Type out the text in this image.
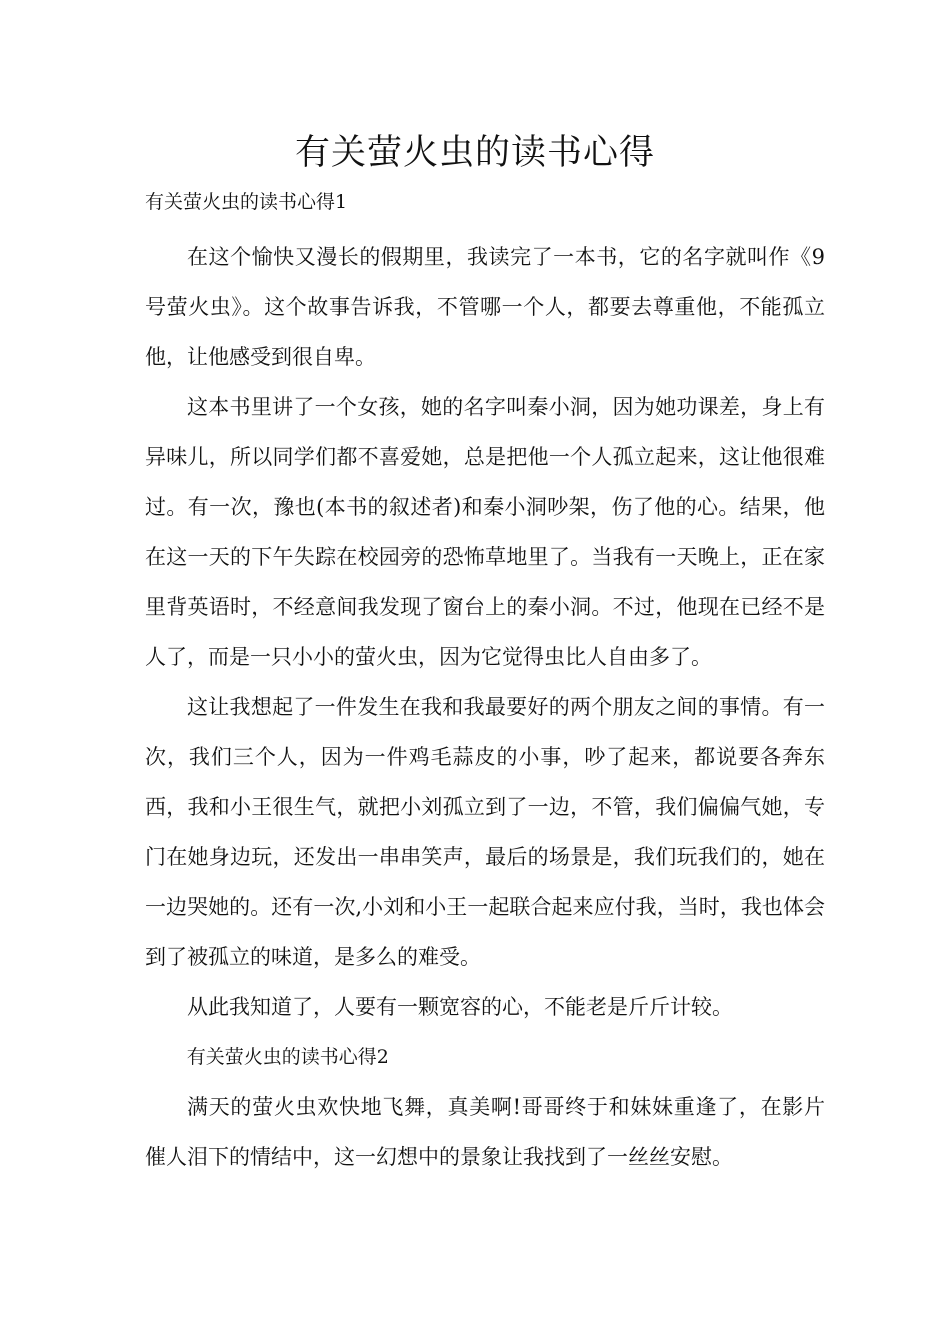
有关萤火虫的读书心得

有关萤火虫的读书心得1

在这个愉快又漫长的假期里，我读完了一本书，它的名字就叫作《9号萤火虫》。这个故事告诉我，不管哪一个人，都要去尊重他，不能孤立他，让他感受到很自卑。

这本书里讲了一个女孩，她的名字叫秦小洞，因为她功课差，身上有异味儿，所以同学们都不喜爱她，总是把他一个人孤立起来，这让他很难过。有一次，豫也(本书的叙述者)和秦小洞吵架，伤了他的心。结果，他在这一天的下午失踪在校园旁的恐怖草地里了。当我有一天晚上，正在家里背英语时，不经意间我发现了窗台上的秦小洞。不过，他现在已经不是人了，而是一只小小的萤火虫，因为它觉得虫比人自由多了。

这让我想起了一件发生在我和我最要好的两个朋友之间的事情。有一次，我们三个人，因为一件鸡毛蒜皮的小事，吵了起来，都说要各奔东西，我和小王很生气，就把小刘孤立到了一边，不管，我们偏偏气她，专门在她身边玩，还发出一串串笑声，最后的场景是，我们玩我们的，她在一边哭她的。还有一次,小刘和小王一起联合起来应付我，当时，我也体会到了被孤立的味道，是多么的难受。

从此我知道了，人要有一颗宽容的心，不能老是斤斤计较。

有关萤火虫的读书心得2

满天的萤火虫欢快地飞舞，真美啊!哥哥终于和妹妹重逢了，在影片催人泪下的情结中，这一幻想中的景象让我找到了一丝丝安慰。
